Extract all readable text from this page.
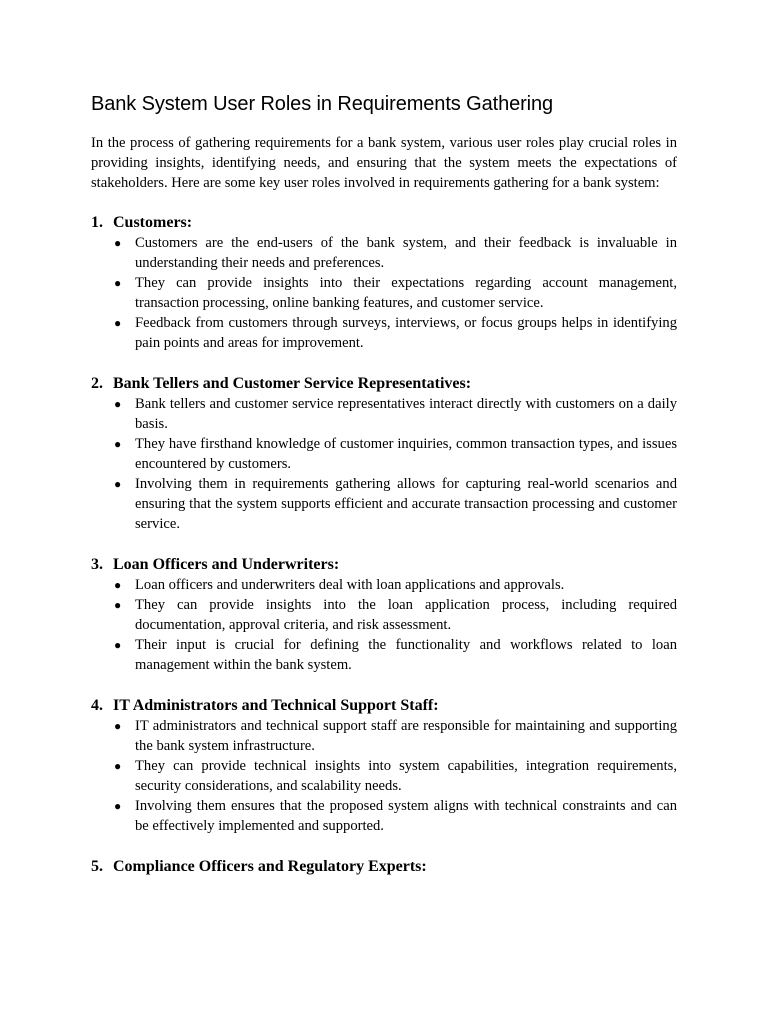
Bank System User Roles in Requirements Gathering

In the process of gathering requirements for a bank system, various user roles play crucial roles in providing insights, identifying needs, and ensuring that the system meets the expectations of stakeholders. Here are some key user roles involved in requirements gathering for a bank system:

1. Customers:
● Customers are the end-users of the bank system, and their feedback is invaluable in understanding their needs and preferences.
● They can provide insights into their expectations regarding account management, transaction processing, online banking features, and customer service.
● Feedback from customers through surveys, interviews, or focus groups helps in identifying pain points and areas for improvement.
2. Bank Tellers and Customer Service Representatives:
● Bank tellers and customer service representatives interact directly with customers on a daily basis.
● They have firsthand knowledge of customer inquiries, common transaction types, and issues encountered by customers.
● Involving them in requirements gathering allows for capturing real-world scenarios and ensuring that the system supports efficient and accurate transaction processing and customer service.
3. Loan Officers and Underwriters:
● Loan officers and underwriters deal with loan applications and approvals.
● They can provide insights into the loan application process, including required documentation, approval criteria, and risk assessment.
● Their input is crucial for defining the functionality and workflows related to loan management within the bank system.
4. IT Administrators and Technical Support Staff:
● IT administrators and technical support staff are responsible for maintaining and supporting the bank system infrastructure.
● They can provide technical insights into system capabilities, integration requirements, security considerations, and scalability needs.
● Involving them ensures that the proposed system aligns with technical constraints and can be effectively implemented and supported.
5. Compliance Officers and Regulatory Experts:
